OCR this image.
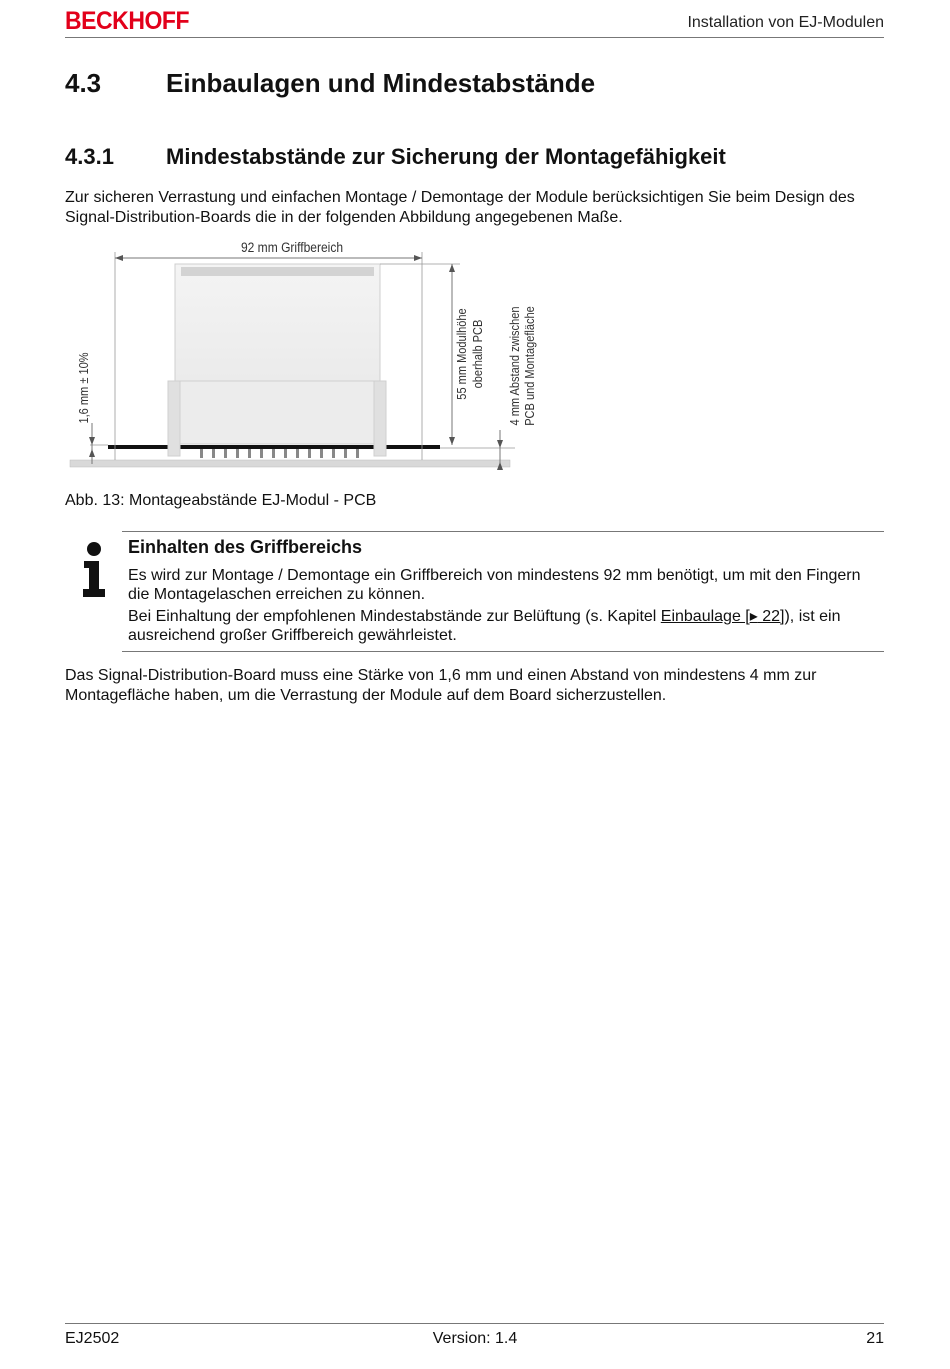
BECKHOFF	Installation von EJ-Modulen
4.3 Einbaulagen und Mindestabstände
4.3.1 Mindestabstände zur Sicherung der Montagefähigkeit
Zur sicheren Verrastung und einfachen Montage / Demontage der Module berücksichtigen Sie beim Design des Signal-Distribution-Boards die in der folgenden Abbildung angegebenen Maße.
92 mm Griffbereich
55 mm Modulhöhe oberhalb PCB 4 mm Abstand zwischen PCB und Montagefläche
1,6 mm ± 10%
Abb. 13: Montageabstände EJ-Modul - PCB
Einhalten des Griffbereichs
Es wird zur Montage / Demontage ein Griffbereich von mindestens 92 mm benötigt, um mit den Fingern die Montagelaschen erreichen zu können.
Bei Einhaltung der empfohlenen Mindestabstände zur Belüftung (s. Kapitel Einbaulage [▸ 22]), ist ein ausreichend großer Griffbereich gewährleistet.
Das Signal-Distribution-Board muss eine Stärke von 1,6 mm und einen Abstand von mindestens 4 mm zur Montagefläche haben, um die Verrastung der Module auf dem Board sicherzustellen.
EJ2502	Version: 1.4	21
